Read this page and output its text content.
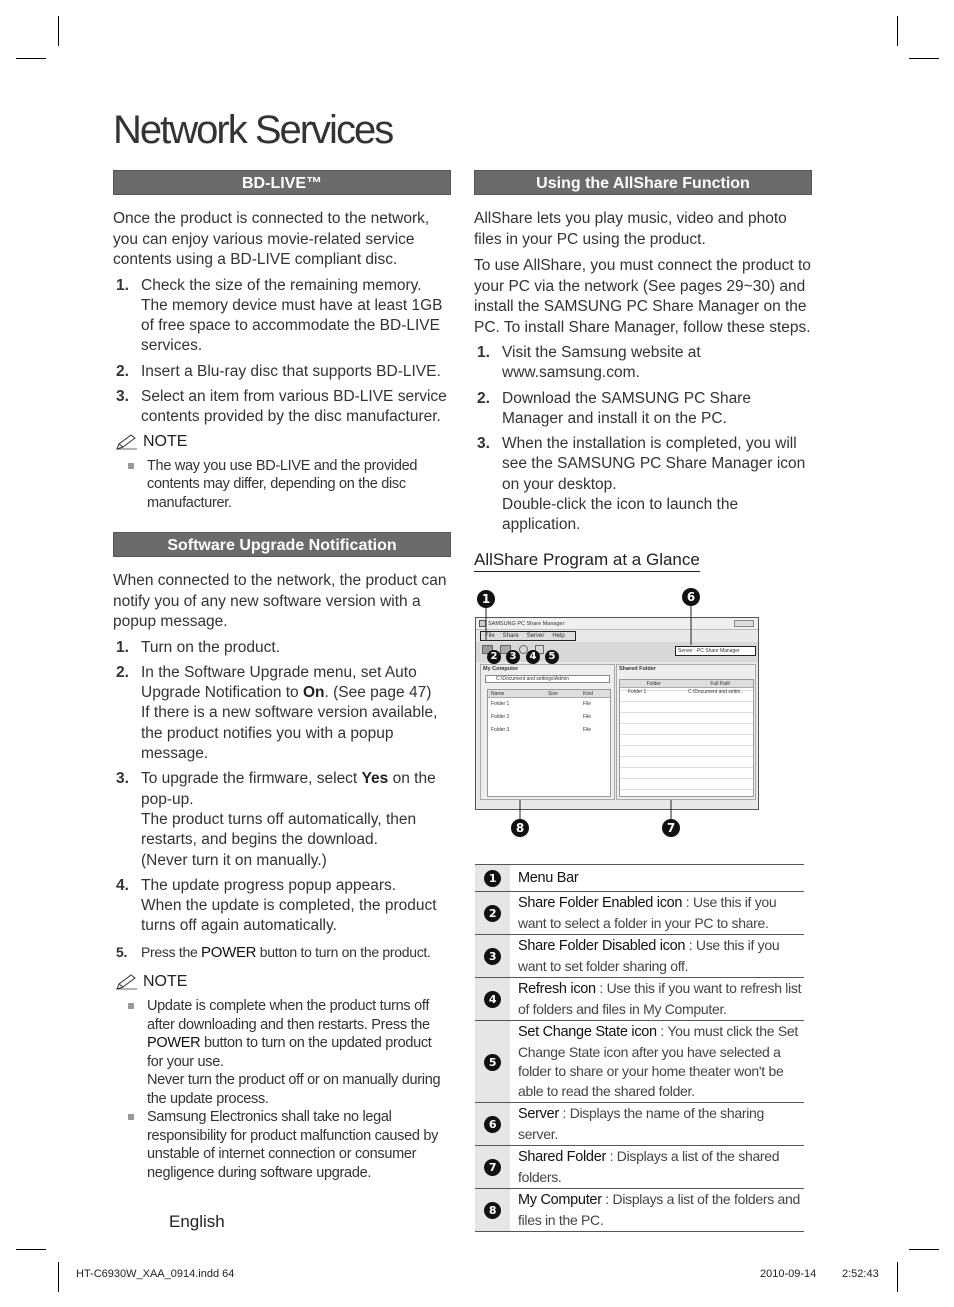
Network Services
BD-LIVE™

Once the product is connected to the network, you can enjoy various movie-related service contents using a BD-LIVE compliant disc.

1. Check the size of the remaining memory.
The memory device must have at least 1GB of free space to accommodate the BD-LIVE services.
2. Insert a Blu-ray disc that supports BD-LIVE.
3. Select an item from various BD-LIVE service contents provided by the disc manufacturer.
NOTE
The way you use BD-LIVE and the provided contents may differ, depending on the disc manufacturer.
Software Upgrade Notification

When connected to the network, the product can notify you of any new software version with a popup message.

1. Turn on the product.
2. In the Software Upgrade menu, set Auto Upgrade Notification to On. (See page 47)
If there is a new software version available, the product notifies you with a popup message.
3. To upgrade the firmware, select Yes on the pop-up.
The product turns off automatically, then restarts, and begins the download.
(Never turn it on manually.)
4. The update progress popup appears.
When the update is completed, the product turns off again automatically.
5. Press the POWER button to turn on the product.
NOTE
Update is complete when the product turns off after downloading and then restarts. Press the POWER button to turn on the updated product for your use.
Never turn the product off or on manually during the update process.
Samsung Electronics shall take no legal responsibility for product malfunction caused by unstable of internet connection or consumer negligence during software upgrade.
Using the AllShare Function

AllShare lets you play music, video and photo files in your PC using the product.

To use AllShare, you must connect the product to your PC via the network (See pages 29~30) and install the SAMSUNG PC Share Manager on the PC. To install Share Manager, follow these steps.

1. Visit the Samsung website at www.samsung.com.
2. Download the SAMSUNG PC Share Manager and install it on the PC.
3. When the installation is completed, you will see the SAMSUNG PC Share Manager icon on your desktop.
Double-click the icon to launch the application.
AllShare Program at a Glance
SAMSUNG PC Share Manager
File Share Server Help
Server : PC Share Manager
My Computer
C:\Document and settings\Admin
Name	Size	Kind
Folder 1	File
Folder 2	File
Folder 3	File
Shared Folder
Folder	Full Path
Folder 1	C:\Document and settin..
1	6
2	3	4	5
7
8
1	Menu Bar
2	Share Folder Enabled icon : Use this if you want to select a folder in your PC to share.
3	Share Folder Disabled icon : Use this if you want to set folder sharing off.
4	Refresh icon : Use this if you want to refresh list of folders and files in My Computer.
5	Set Change State icon : You must click the Set Change State icon after you have selected a folder to share or your home theater won't be able to read the shared folder.
6	Server : Displays the name of the sharing server.
7	Shared Folder : Displays a list of the shared folders.
8	My Computer : Displays a list of the folders and files in the PC.
English
HT-C6930W_XAA_0914.indd 64	2010-09-14 2:52:43
